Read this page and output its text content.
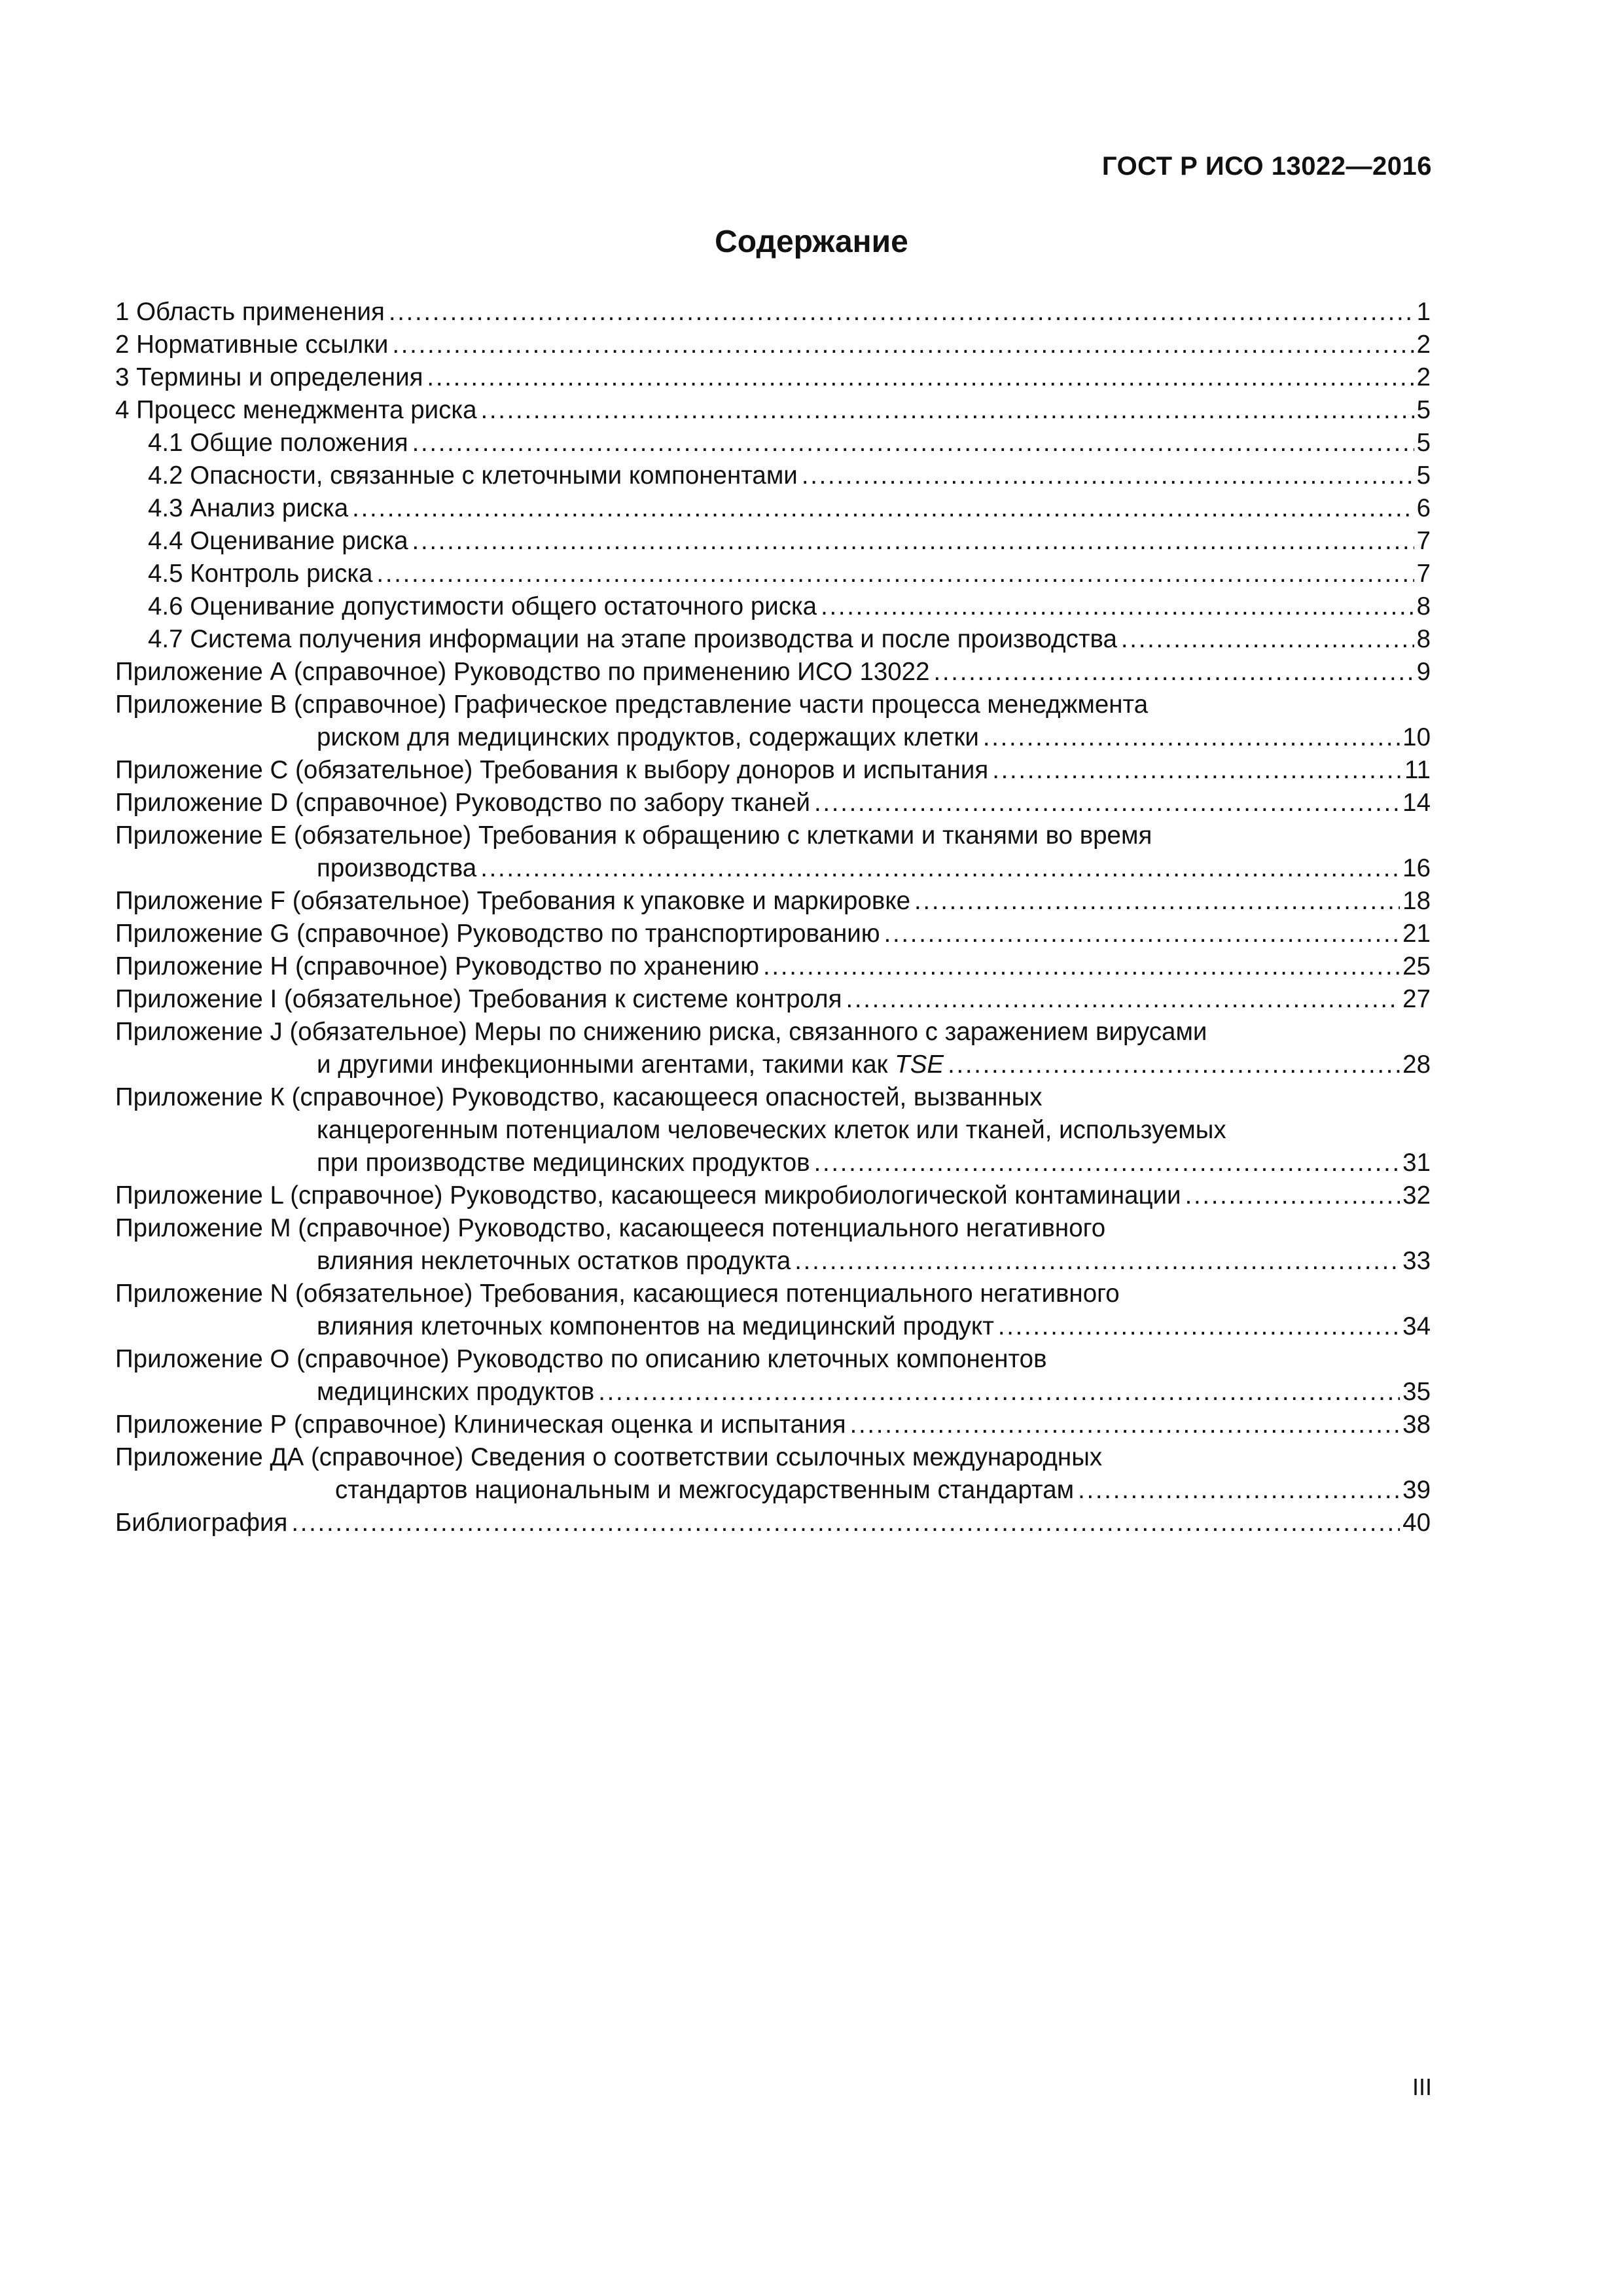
ГОСТ Р ИСО 13022—2016
Содержание
1 Область применения . . .	1
2 Нормативные ссылки . . .	2
3 Термины и определения . . .	2
4 Процесс менеджмента риска . . .	5
4.1 Общие положения . . .	5
4.2 Опасности, связанные с клеточными компонентами . . .	5
4.3 Анализ риска . . .	6
4.4 Оценивание риска . . .	7
4.5 Контроль риска . . .	7
4.6 Оценивание допустимости общего остаточного риска . . .	8
4.7 Система получения информации на этапе производства и после производства . . .	8
Приложение А (справочное) Руководство по применению ИСО 13022 . . .	9
Приложение В (справочное) Графическое представление части процесса менеджмента
риском для медицинских продуктов, содержащих клетки . . .	10
Приложение С (обязательное) Требования к выбору доноров и испытания . . .	11
Приложение D (справочное) Руководство по забору тканей . . .	14
Приложение Е (обязательное) Требования к обращению с клетками и тканями во время
производства . . .	16
Приложение F (обязательное) Требования к упаковке и маркировке . . .	18
Приложение G (справочное) Руководство по транспортированию . . .	21
Приложение Н (справочное) Руководство по хранению . . .	25
Приложение I (обязательное) Требования к системе контроля . . .	27
Приложение J (обязательное) Меры по снижению риска, связанного с заражением вирусами
и другими инфекционными агентами, такими как TSE . . .	28
Приложение К (справочное) Руководство, касающееся опасностей, вызванных
канцерогенным потенциалом человеческих клеток или тканей, используемых
при производстве медицинских продуктов . . .	31
Приложение L (справочное) Руководство, касающееся микробиологической контаминации . . .	32
Приложение М (справочное) Руководство, касающееся потенциального негативного
влияния неклеточных остатков продукта . . .	33
Приложение N (обязательное) Требования, касающиеся потенциального негативного
влияния клеточных компонентов на медицинский продукт . . .	34
Приложение О (справочное) Руководство по описанию клеточных компонентов
медицинских продуктов . . .	35
Приложение Р (справочное) Клиническая оценка и испытания . . .	38
Приложение ДА (справочное) Сведения о соответствии ссылочных международных
стандартов национальным и межгосударственным стандартам . . .	39
Библиография . . .	40
III
